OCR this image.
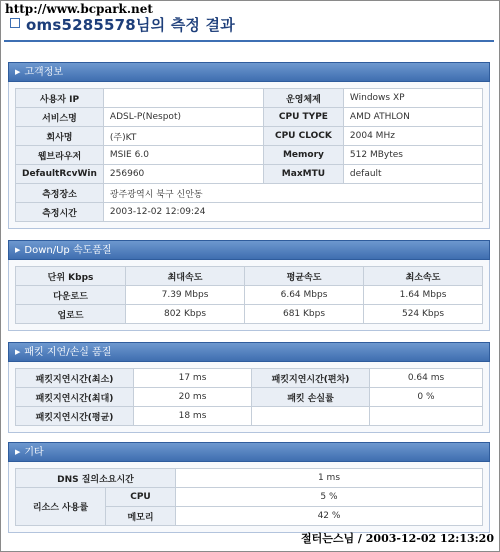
http://www.bcpark.net
oms5285578님의 측정 결과
▶ 고객정보
사용자 IP		운영체제	Windows XP
서비스명	ADSL-P(Nespot)	CPU TYPE	AMD ATHLON
회사명	(주)KT	CPU CLOCK	2004 MHz
웹브라우저	MSIE 6.0	Memory	512 MBytes
DefaultRcvWin	256960	MaxMTU	default
측정장소	광주광역시 북구 신안동		
측정시간	2003-12-02 12:09:24		
▶ Down/Up 속도품질
단위 Kbps	최대속도	평균속도	최소속도
다운로드	7.39 Mbps	6.64 Mbps	1.64 Mbps
업로드	802 Kbps	681 Kbps	524 Kbps
▶ 패킷 지연/손실 품질
패킷지연시간(최소)	17 ms	패킷지연시간(편차)	0.64 ms
패킷지연시간(최대)	20 ms	패킷 손실률	0 %
패킷지연시간(평균)	18 ms		
▶ 기타
DNS 질의소요시간		1 ms
리소스 사용률	CPU	5 %
	메모리	42 %
절터는스님 / 2003-12-02 12:13:20
